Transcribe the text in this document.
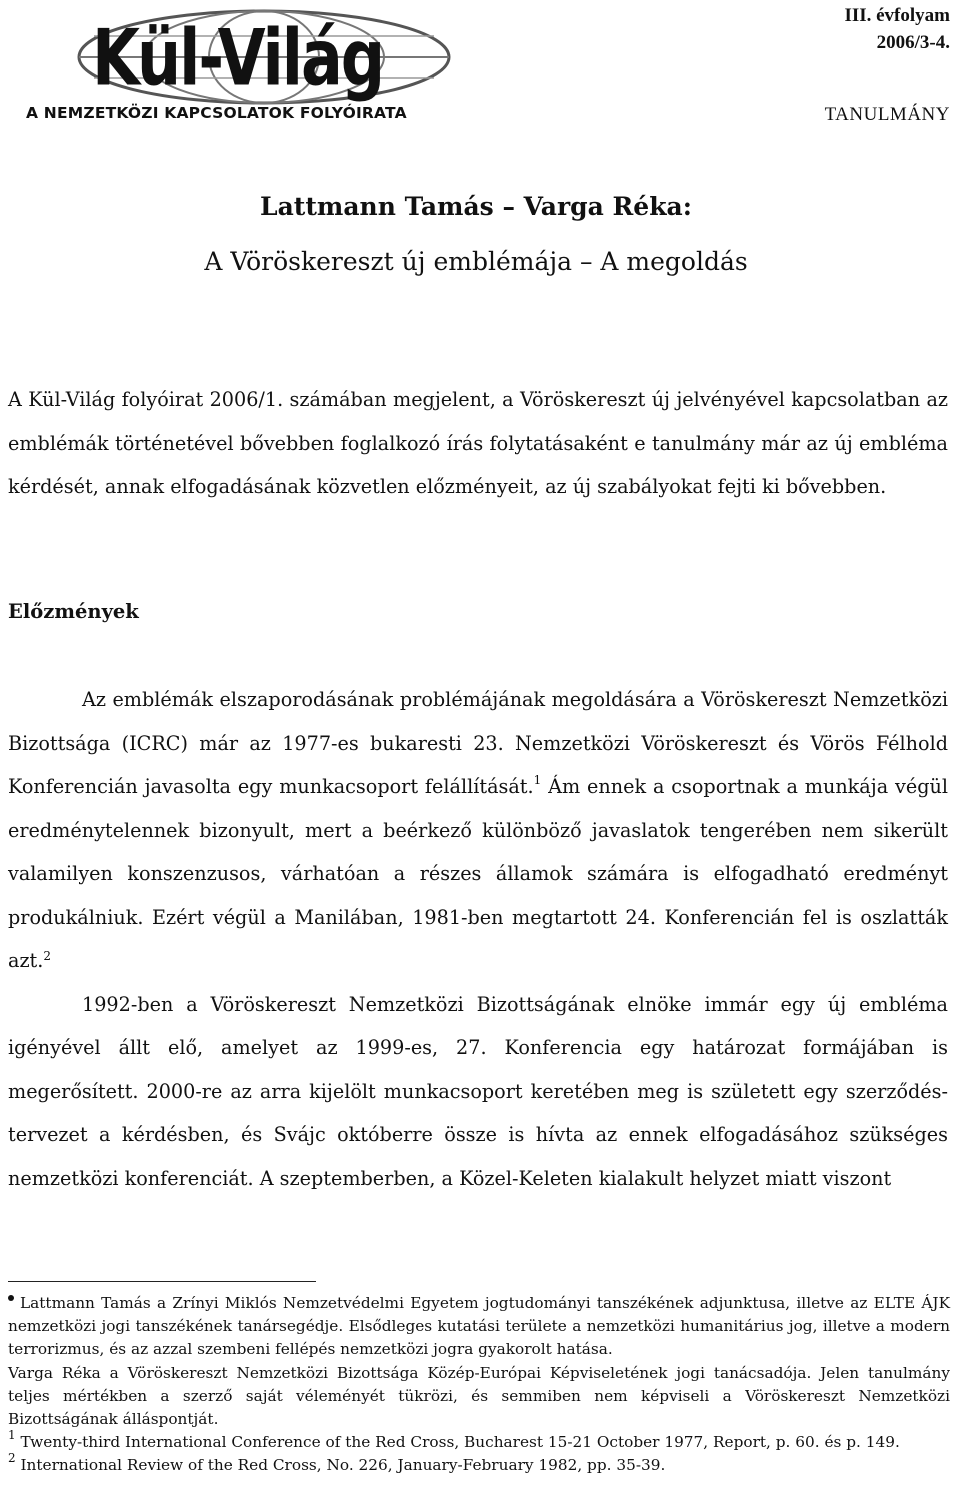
Kül-Világ
A NEMZETKÖZI KAPCSOLATOK FOLYÓIRATA
III. évfolyam
2006/3-4.
TANULMÁNY
Lattmann Tamás – Varga Réka:
A Vöröskereszt új emblémája – A megoldás
A Kül-Világ folyóirat 2006/1. számában megjelent, a Vöröskereszt új jelvényével kapcsolatban az emblémák történetével bővebben foglalkozó írás folytatásaként e tanulmány már az új embléma kérdését, annak elfogadásának közvetlen előzményeit, az új szabályokat fejti ki bővebben.
Előzmények
Az emblémák elszaporodásának problémájának megoldására a Vöröskereszt Nemzetközi Bizottsága (ICRC) már az 1977-es bukaresti 23. Nemzetközi Vöröskereszt és Vörös Félhold Konferencián javasolta egy munkacsoport felállítását.$^1$ Ám ennek a csoportnak a munkája végül eredménytelennek bizonyult, mert a beérkező különböző javaslatok tengerében nem sikerült valamilyen konszenzusos, várhatóan a részes államok számára is elfogadható eredményt produkálniuk. Ezért végül a Manilában, 1981-ben megtartott 24. Konferencián fel is oszlatták azt.$^2$
1992-ben a Vöröskereszt Nemzetközi Bizottságának elnöke immár egy új embléma igényével állt elő, amelyet az 1999-es, 27. Konferencia egy határozat formájában is megerősített. 2000-re az arra kijelölt munkacsoport keretében meg is született egy szerződés-tervezet a kérdésben, és Svájc októberre össze is hívta az ennek elfogadásához szükséges nemzetközi konferenciát. A szeptemberben, a Közel-Keleten kialakult helyzet miatt viszont

Lattmann Tamás a Zrínyi Miklós Nemzetvédelmi Egyetem jogtudományi tanszékének adjunktusa, illetve az ELTE ÁJK nemzetközi jogi tanszékének tanársegédje. Elsődleges kutatási területe a nemzetközi humanitárius jog, illetve a modern terrorizmus, és az azzal szembeni fellépés nemzetközi jogra gyakorolt hatása.

Varga Réka a Vöröskereszt Nemzetközi Bizottsága Közép-Európai Képviseletének jogi tanácsadója. Jelen tanulmány teljes mértékben a szerző saját véleményét tükrözi, és semmiben nem képviseli a Vöröskereszt Nemzetközi Bizottságának álláspontját.

$^1$ Twenty-third International Conference of the Red Cross, Bucharest 15-21 October 1977, Report, p. 60. és p. 149.

$^2$ International Review of the Red Cross, No. 226, January-February 1982, pp. 35-39.
